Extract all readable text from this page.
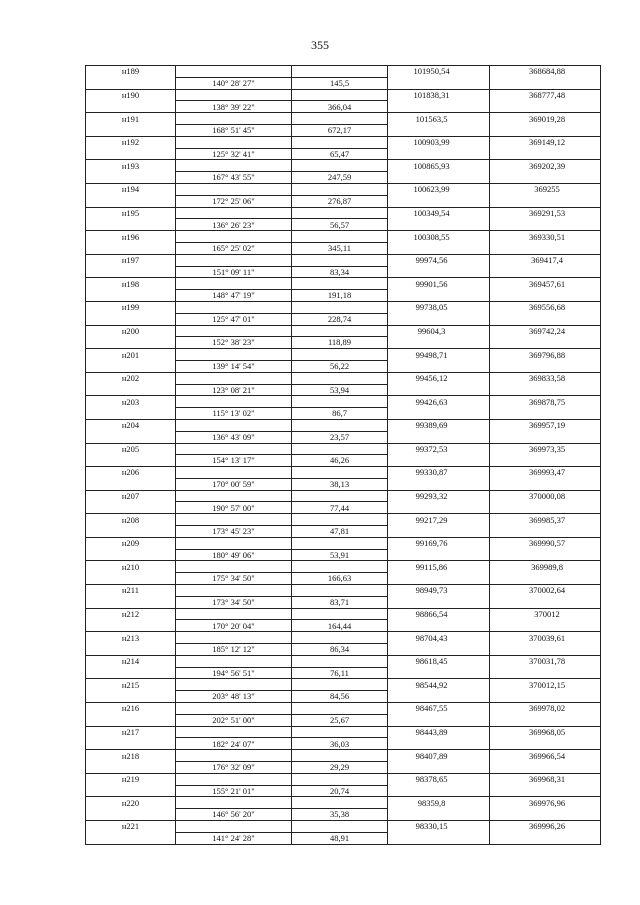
355
н189			101950,54	368684,88
	140° 28' 27"	145,5		
н190			101838,31	368777,48
	138° 39' 22"	366,04		
н191			101563,5	369019,28
	168° 51' 45"	672,17		
н192			100903,99	369149,12
	125° 32' 41"	65,47		
н193			100865,93	369202,39
	167° 43' 55"	247,59		
н194			100623,99	369255
	172° 25' 06"	276,87		
н195			100349,54	369291,53
	136° 26' 23"	56,57		
н196			100308,55	369330,51
	165° 25' 02"	345,11		
н197			99974,56	369417,4
	151° 09' 11"	83,34		
н198			99901,56	369457,61
	148° 47' 19"	191,18		
н199			99738,05	369556,68
	125° 47' 01"	228,74		
н200			99604,3	369742,24
	152° 38' 23"	118,89		
н201			99498,71	369796,88
	139° 14' 54"	56,22		
н202			99456,12	369833,58
	123° 08' 21"	53,94		
н203			99426,63	369878,75
	115° 13' 02"	86,7		
н204			99389,69	369957,19
	136° 43' 09"	23,57		
н205			99372,53	369973,35
	154° 13' 17"	46,26		
н206			99330,87	369993,47
	170° 00' 59"	38,13		
н207			99293,32	370000,08
	190° 57' 00"	77,44		
н208			99217,29	369985,37
	173° 45' 23"	47,81		
н209			99169,76	369990,57
	180° 49' 06"	53,91		
н210			99115,86	369989,8
	175° 34' 50"	166,63		
н211			98949,73	370002,64
	173° 34' 50"	83,71		
н212			98866,54	370012
	170° 20' 04"	164,44		
н213			98704,43	370039,61
	185° 12' 12"	86,34		
н214			98618,45	370031,78
	194° 56' 51"	76,11		
н215			98544,92	370012,15
	203° 48' 13"	84,56		
н216			98467,55	369978,02
	202° 51' 00"	25,67		
н217			98443,89	369968,05
	182° 24' 07"	36,03		
н218			98407,89	369966,54
	176° 32' 09"	29,29		
н219			98378,65	369968,31
	155° 21' 01"	20,74		
н220			98359,8	369976,96
	146° 56' 20"	35,38		
н221			98330,15	369996,26
	141° 24' 28"	48,91		
